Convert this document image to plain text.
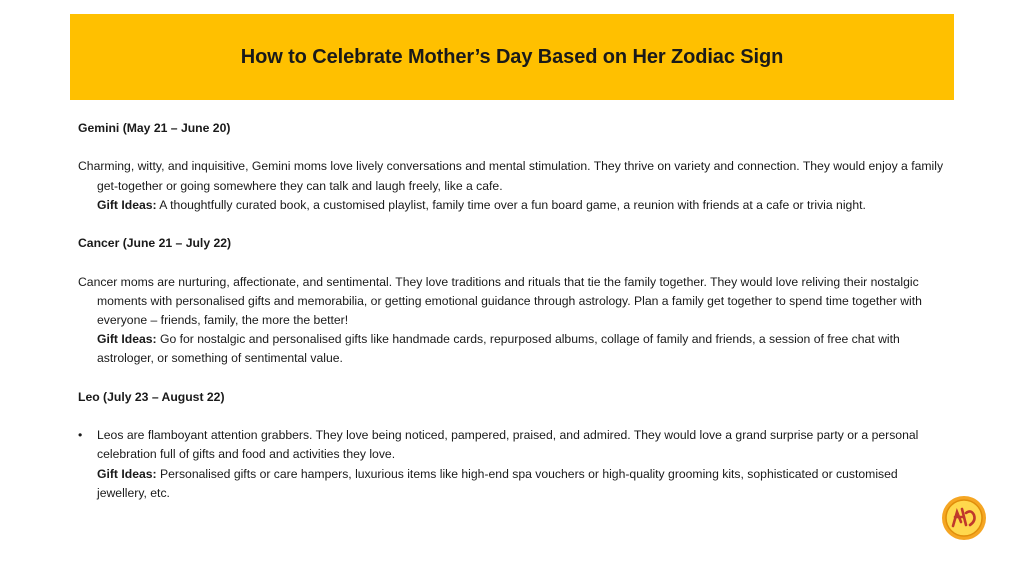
How to Celebrate Mother’s Day Based on Her Zodiac Sign

Gemini (May 21 – June 20)

Charming, witty, and inquisitive, Gemini moms love lively conversations and mental stimulation. They thrive on variety and connection. They would enjoy a family get-together or going somewhere they can talk and laugh freely, like a cafe.

Gift Ideas: A thoughtfully curated book, a customised playlist, family time over a fun board game, a reunion with friends at a cafe or trivia night.

Cancer (June 21 – July 22)

Cancer moms are nurturing, affectionate, and sentimental. They love traditions and rituals that tie the family together. They would love reliving their nostalgic moments with personalised gifts and memorabilia, or getting emotional guidance through astrology. Plan a family get together to spend time together with everyone – friends, family, the more the better!

Gift Ideas: Go for nostalgic and personalised gifts like handmade cards, repurposed albums, collage of family and friends, a session of free chat with astrologer, or something of sentimental value.

Leo (July 23 – August 22)

• Leos are flamboyant attention grabbers. They love being noticed, pampered, praised, and admired. They would love a grand surprise party or a personal celebration full of gifts and food and activities they love.

Gift Ideas: Personalised gifts or care hampers, luxurious items like high-end spa vouchers or high-quality grooming kits, sophisticated or customised jewellery, etc.
